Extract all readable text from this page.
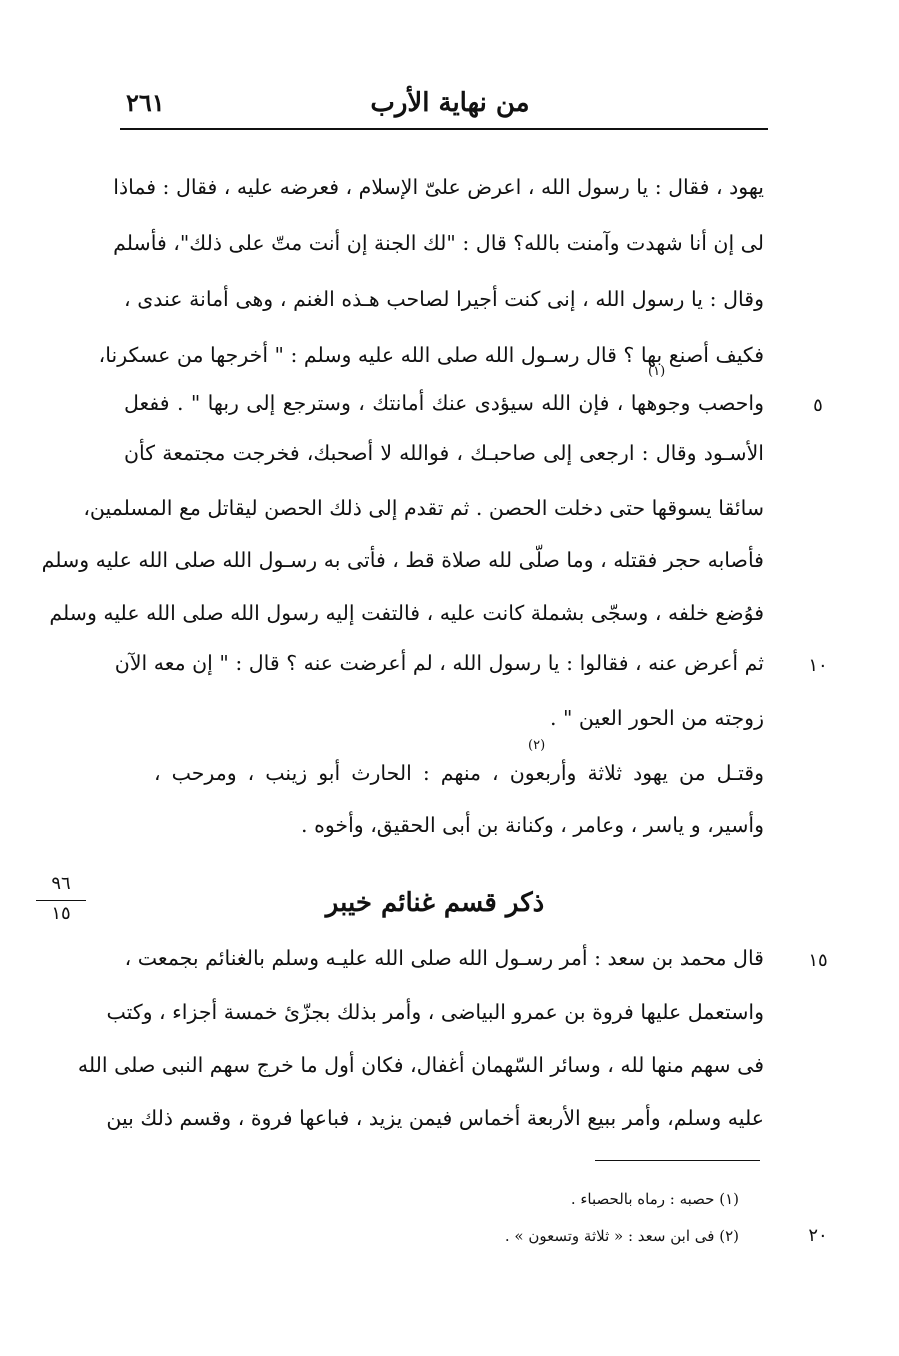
من نهاية الأرب
٢٦١
يهود ، فقال : يا رسول الله ، اعرض علىّ الإسلام ، فعرضه عليه ، فقال : فماذا
لى إن أنا شهدت وآمنت بالله؟ قال : "لك الجنة إن أنت متّ على ذلك"، فأسلم
وقال : يا رسول الله ، إنى كنت أجيرا لصاحب هـذه الغنم ، وهى أمانة عندى ،
فكيف أصنع بها ؟ قال رسـول الله صلى الله عليه وسلم : " أخرجها من عسكرنا،
(١)
واحصب وجوهها ، فإن الله سيؤدى عنك أمانتك ، وسترجع إلى ربها " . ففعل
الأسـود وقال : ارجعى إلى صاحبـك ، فوالله لا أصحبك، فخرجت مجتمعة كأن
سائقا يسوقها حتى دخلت الحصن . ثم تقدم إلى ذلك الحصن ليقاتل مع المسلمين،
فأصابه حجر فقتله ، وما صلّى لله صلاة قط ، فأتى به رسـول الله صلى الله عليه وسلم
فوُضع خلفه ، وسجّى بشملة كانت عليه ، فالتفت إليه رسول الله صلى الله عليه وسلم
ثم أعرض عنه ، فقالوا : يا رسول الله ، لم أعرضت عنه ؟ قال : " إن معه الآن
زوجته من الحور العين " .
(٢)
وقتـل من يهود ثلاثة وأربعون ، منهم : الحارث أبو زينب ، ومرحب ،
وأسير، و ياسر ، وعامر ، وكنانة بن أبى الحقيق، وأخوه .
٩٦
١٥	ذكر قسم غنائم خيبر
قال محمد بن سعد : أمر رسـول الله صلى الله عليـه وسلم بالغنائم بجمعت ،
واستعمل عليها فروة بن عمرو البياضى ، وأمر بذلك بجزّئ خمسة أجزاء ، وكتب
فى سهم منها لله ، وسائر السّهمان أغفال، فكان أول ما خرج سهم النبى صلى الله
عليه وسلم، وأمر ببيع الأربعة أخماس فيمن يزيد ، فباعها فروة ، وقسم ذلك بين
٥
١٠
١٥
٢٠
(١) حصبه : رماه بالحصباء .
(٢) فى ابن سعد : « ثلاثة وتسعون » .
